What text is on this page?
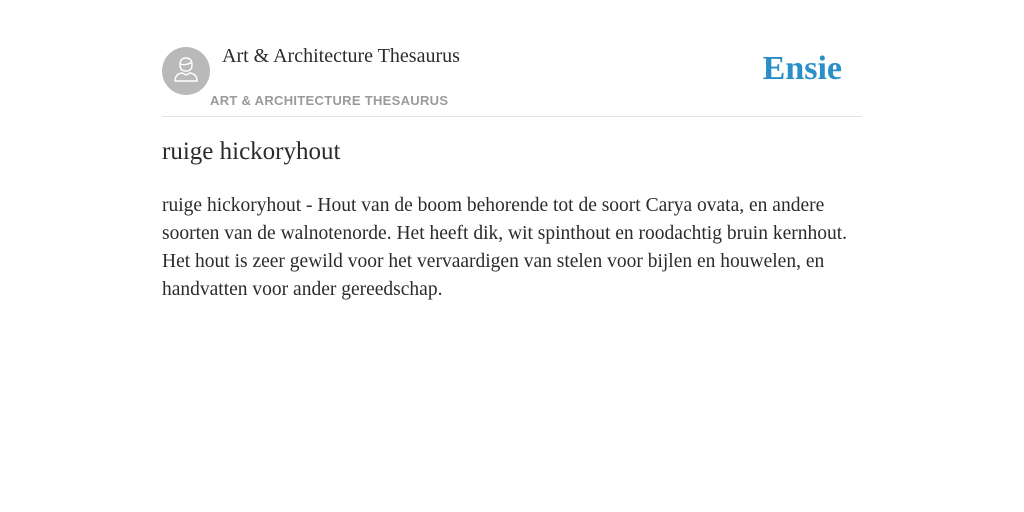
Art & Architecture Thesaurus
ART & ARCHITECTURE THESAURUS
Ensie
ruige hickoryhout

ruige hickoryhout - Hout van de boom behorende tot de soort Carya ovata, en andere soorten van de walnotenorde. Het heeft dik, wit spinthout en roodachtig bruin kernhout. Het hout is zeer gewild voor het vervaardigen van stelen voor bijlen en houwelen, en handvatten voor ander gereedschap.
